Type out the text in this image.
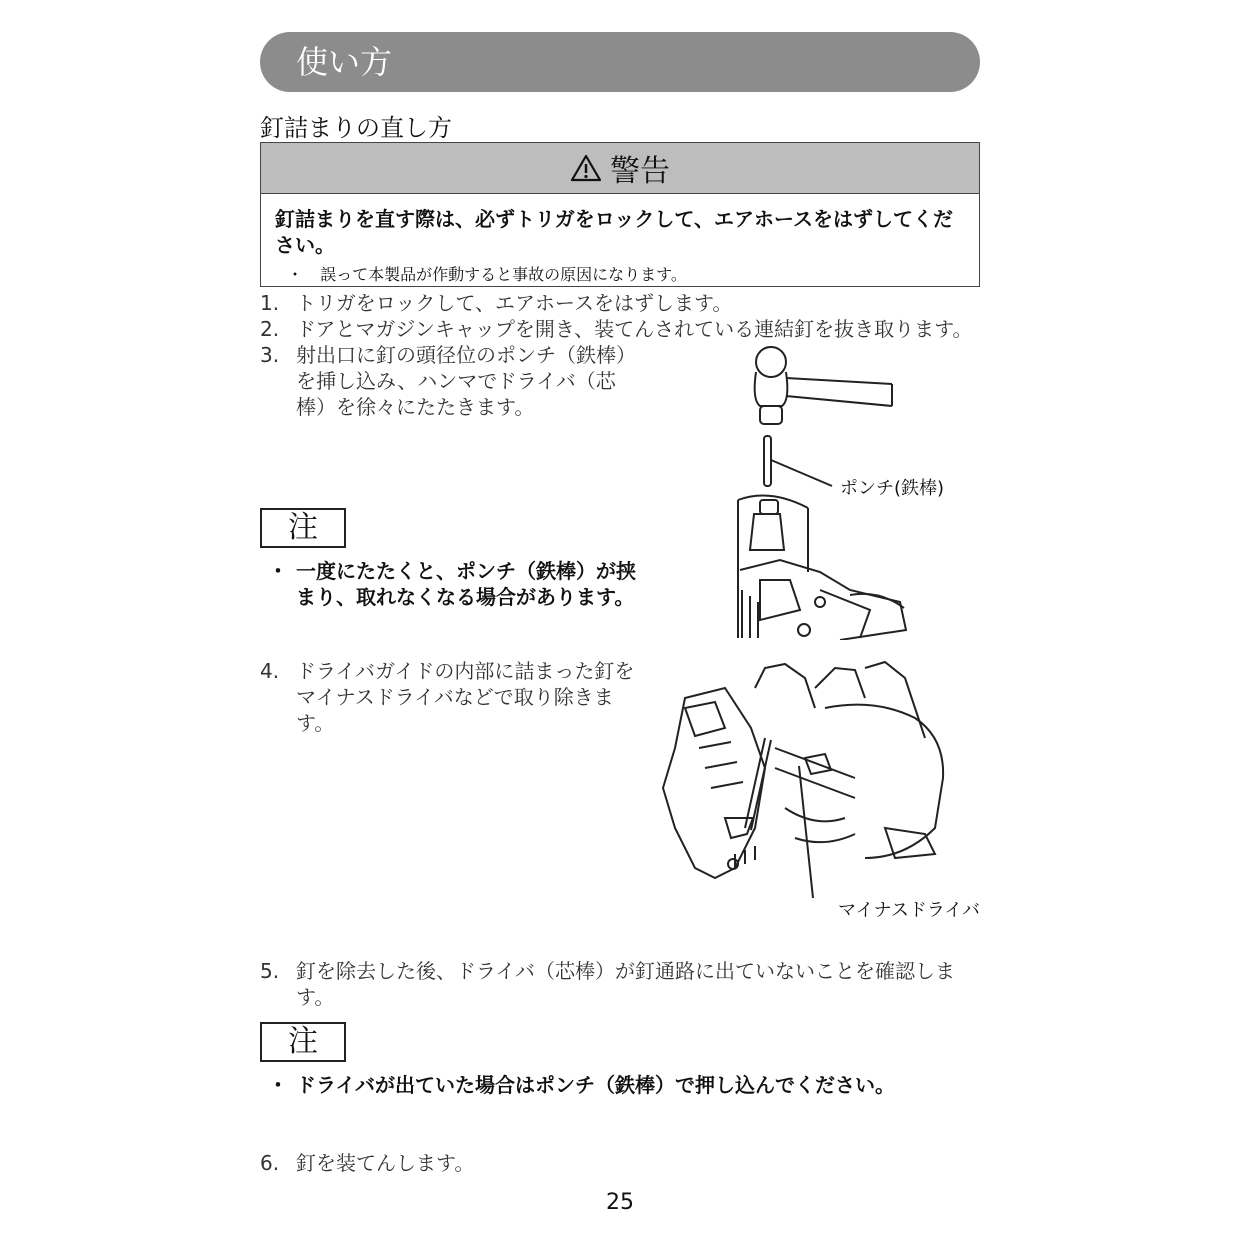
使い方
釘詰まりの直し方
警告
釘詰まりを直す際は、必ずトリガをロックして、エアホースをはずしてください。
・ 誤って本製品が作動すると事故の原因になります。
1. トリガをロックして、エアホースをはずします。
2. ドアとマガジンキャップを開き、装てんされている連結釘を抜き取ります。
3. 射出口に釘の頭径位のポンチ（鉄棒）を挿し込み、ハンマでドライバ（芯棒）を徐々にたたきます。
注
・ 一度にたたくと、ポンチ（鉄棒）が挟まり、取れなくなる場合があります。
4. ドライバガイドの内部に詰まった釘をマイナスドライバなどで取り除きます。
ポンチ(鉄棒)
マイナスドライバ
5. 釘を除去した後、ドライバ（芯棒）が釘通路に出ていないことを確認します。
注
・ ドライバが出ていた場合はポンチ（鉄棒）で押し込んでください。
6. 釘を装てんします。
25
